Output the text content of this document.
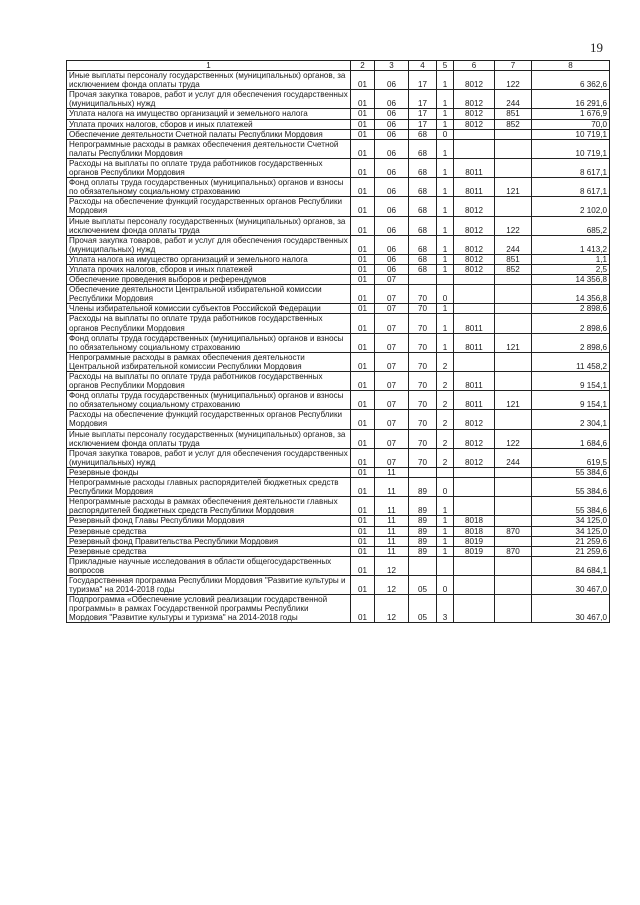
19
1	2	3	4	5	6	7	8
Иные выплаты персоналу государственных (муниципальных) органов, за исключением фонда оплаты труда	01	06	17	1	8012	122	6 362,6
Прочая закупка товаров, работ и услуг для обеспечения государственных (муниципальных) нужд	01	06	17	1	8012	244	16 291,6
Уплата налога на имущество организаций и земельного налога	01	06	17	1	8012	851	1 676,9
Уплата прочих налогов, сборов и иных платежей	01	06	17	1	8012	852	70,0
Обеспечение деятельности Счетной палаты Республики Мордовия	01	06	68	0			10 719,1
Непрограммные расходы в рамках обеспечения деятельности Счетной палаты Республики Мордовия	01	06	68	1			10 719,1
Расходы на выплаты по оплате труда работников государственных органов Республики Мордовия	01	06	68	1	8011		8 617,1
Фонд оплаты труда государственных (муниципальных) органов и взносы по обязательному социальному страхованию	01	06	68	1	8011	121	8 617,1
Расходы на обеспечение функций государственных органов Республики Мордовия	01	06	68	1	8012		2 102,0
Иные выплаты персоналу государственных (муниципальных) органов, за исключением фонда оплаты труда	01	06	68	1	8012	122	685,2
Прочая закупка товаров, работ и услуг для обеспечения государственных (муниципальных) нужд	01	06	68	1	8012	244	1 413,2
Уплата налога на имущество организаций и земельного налога	01	06	68	1	8012	851	1,1
Уплата прочих налогов, сборов и иных платежей	01	06	68	1	8012	852	2,5
Обеспечение проведения выборов и референдумов	01	07					14 356,8
Обеспечение деятельности Центральной избирательной комиссии Республики Мордовия	01	07	70	0			14 356,8
Члены избирательной комиссии субъектов Российской Федерации	01	07	70	1			2 898,6
Расходы на выплаты по оплате труда работников государственных органов Республики Мордовия	01	07	70	1	8011		2 898,6
Фонд оплаты труда государственных (муниципальных) органов и взносы по обязательному социальному страхованию	01	07	70	1	8011	121	2 898,6
Непрограммные расходы в рамках обеспечения деятельности Центральной избирательной комиссии Республики Мордовия	01	07	70	2			11 458,2
Расходы на выплаты по оплате труда работников государственных органов Республики Мордовия	01	07	70	2	8011		9 154,1
Фонд оплаты труда государственных (муниципальных) органов и взносы по обязательному социальному страхованию	01	07	70	2	8011	121	9 154,1
Расходы на обеспечение функций государственных органов Республики Мордовия	01	07	70	2	8012		2 304,1
Иные выплаты персоналу государственных (муниципальных) органов, за исключением фонда оплаты труда	01	07	70	2	8012	122	1 684,6
Прочая закупка товаров, работ и услуг для обеспечения государственных (муниципальных) нужд	01	07	70	2	8012	244	619,5
Резервные фонды	01	11					55 384,6
Непрограммные расходы главных распорядителей бюджетных средств Республики Мордовия	01	11	89	0			55 384,6
Непрограммные расходы в рамках обеспечения деятельности главных распорядителей бюджетных средств Республики Мордовия	01	11	89	1			55 384,6
Резервный фонд Главы Республики Мордовия	01	11	89	1	8018		34 125,0
Резервные средства	01	11	89	1	8018	870	34 125,0
Резервный фонд Правительства Республики Мордовия	01	11	89	1	8019		21 259,6
Резервные средства	01	11	89	1	8019	870	21 259,6
Прикладные научные исследования в области общегосударственных вопросов	01	12					84 684,1
Государственная программа Республики Мордовия "Развитие культуры и туризма" на 2014-2018 годы	01	12	05	0			30 467,0
Подпрограмма «Обеспечение условий реализации государственной программы» в рамках Государственной программы Республики Мордовия "Развитие культуры и туризма" на 2014-2018 годы	01	12	05	3			30 467,0
